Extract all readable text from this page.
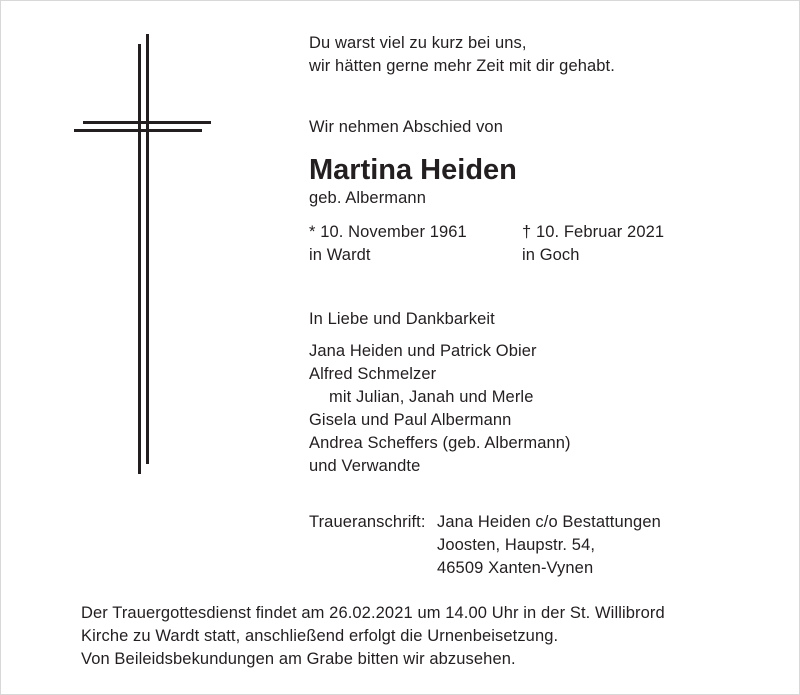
Du warst viel zu kurz bei uns,
wir hätten gerne mehr Zeit mit dir gehabt.
Wir nehmen Abschied von
Martina Heiden
geb. Albermann
* 10. November 1961
in Wardt
† 10. Februar 2021
in Goch
In Liebe und Dankbarkeit
Jana Heiden und Patrick Obier
Alfred Schmelzer
mit Julian, Janah und Merle
Gisela und Paul Albermann
Andrea Scheffers (geb. Albermann)
und Verwandte
Traueranschrift: Jana Heiden c/o Bestattungen
Joosten, Haupstr. 54,
46509 Xanten-Vynen
Der Trauergottesdienst findet am 26.02.2021 um 14.00 Uhr in der St. Willibrord
Kirche zu Wardt statt, anschließend erfolgt die Urnenbeisetzung.
Von Beileidsbekundungen am Grabe bitten wir abzusehen.
